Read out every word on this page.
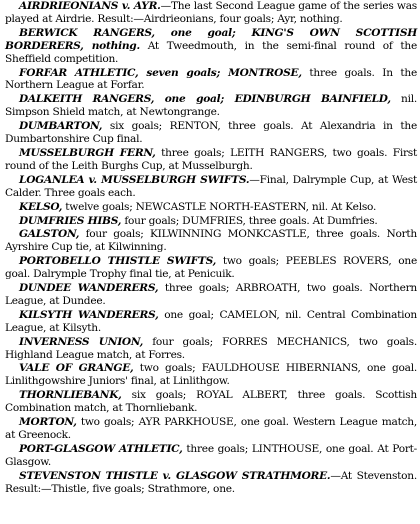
AIRDRIEONIANS v. AYR.—The last Second League game of the series was played at Airdrie. Result:—Airdrieonians, four goals; Ayr, nothing.

BERWICK RANGERS, one goal; KING'S OWN SCOTTISH BORDERERS, nothing. At Tweedmouth, in the semi-final round of the Sheffield competition.

FORFAR ATHLETIC, seven goals; MONTROSE, three goals. In the Northern League at Forfar.

DALKEITH RANGERS, one goal; EDINBURGH BAINFIELD, nil. Simpson Shield match, at Newtongrange.

DUMBARTON, six goals; RENTON, three goals. At Alexandria in the Dumbartonshire Cup final.

MUSSELBURGH FERN, three goals; LEITH RANGERS, two goals. First round of the Leith Burghs Cup, at Musselburgh.

LOGANLEA v. MUSSELBURGH SWIFTS.—Final, Dalrymple Cup, at West Calder. Three goals each.

KELSO, twelve goals; NEWCASTLE NORTH-EASTERN, nil. At Kelso.

DUMFRIES HIBS, four goals; DUMFRIES, three goals. At Dumfries.

GALSTON, four goals; KILWINNING MONKCASTLE, three goals. North Ayrshire Cup tie, at Kilwinning.

PORTOBELLO THISTLE SWIFTS, two goals; PEEBLES ROVERS, one goal. Dalrymple Trophy final tie, at Penicuik.

DUNDEE WANDERERS, three goals; ARBROATH, two goals. Northern League, at Dundee.

KILSYTH WANDERERS, one goal; CAMELON, nil. Central Combination League, at Kilsyth.

INVERNESS UNION, four goals; FORRES MECHANICS, two goals. Highland League match, at Forres.

VALE OF GRANGE, two goals; FAULDHOUSE HIBERNIANS, one goal. Linlithgowshire Juniors' final, at Linlithgow.

THORNLIEBANK, six goals; ROYAL ALBERT, three goals. Scottish Combination match, at Thornliebank.

MORTON, two goals; AYR PARKHOUSE, one goal. Western League match, at Greenock.

PORT-GLASGOW ATHLETIC, three goals; LINTHOUSE, one goal. At Port-Glasgow.

STEVENSTON THISTLE v. GLASGOW STRATHMORE.—At Stevenston. Result:—Thistle, five goals; Strathmore, one.
